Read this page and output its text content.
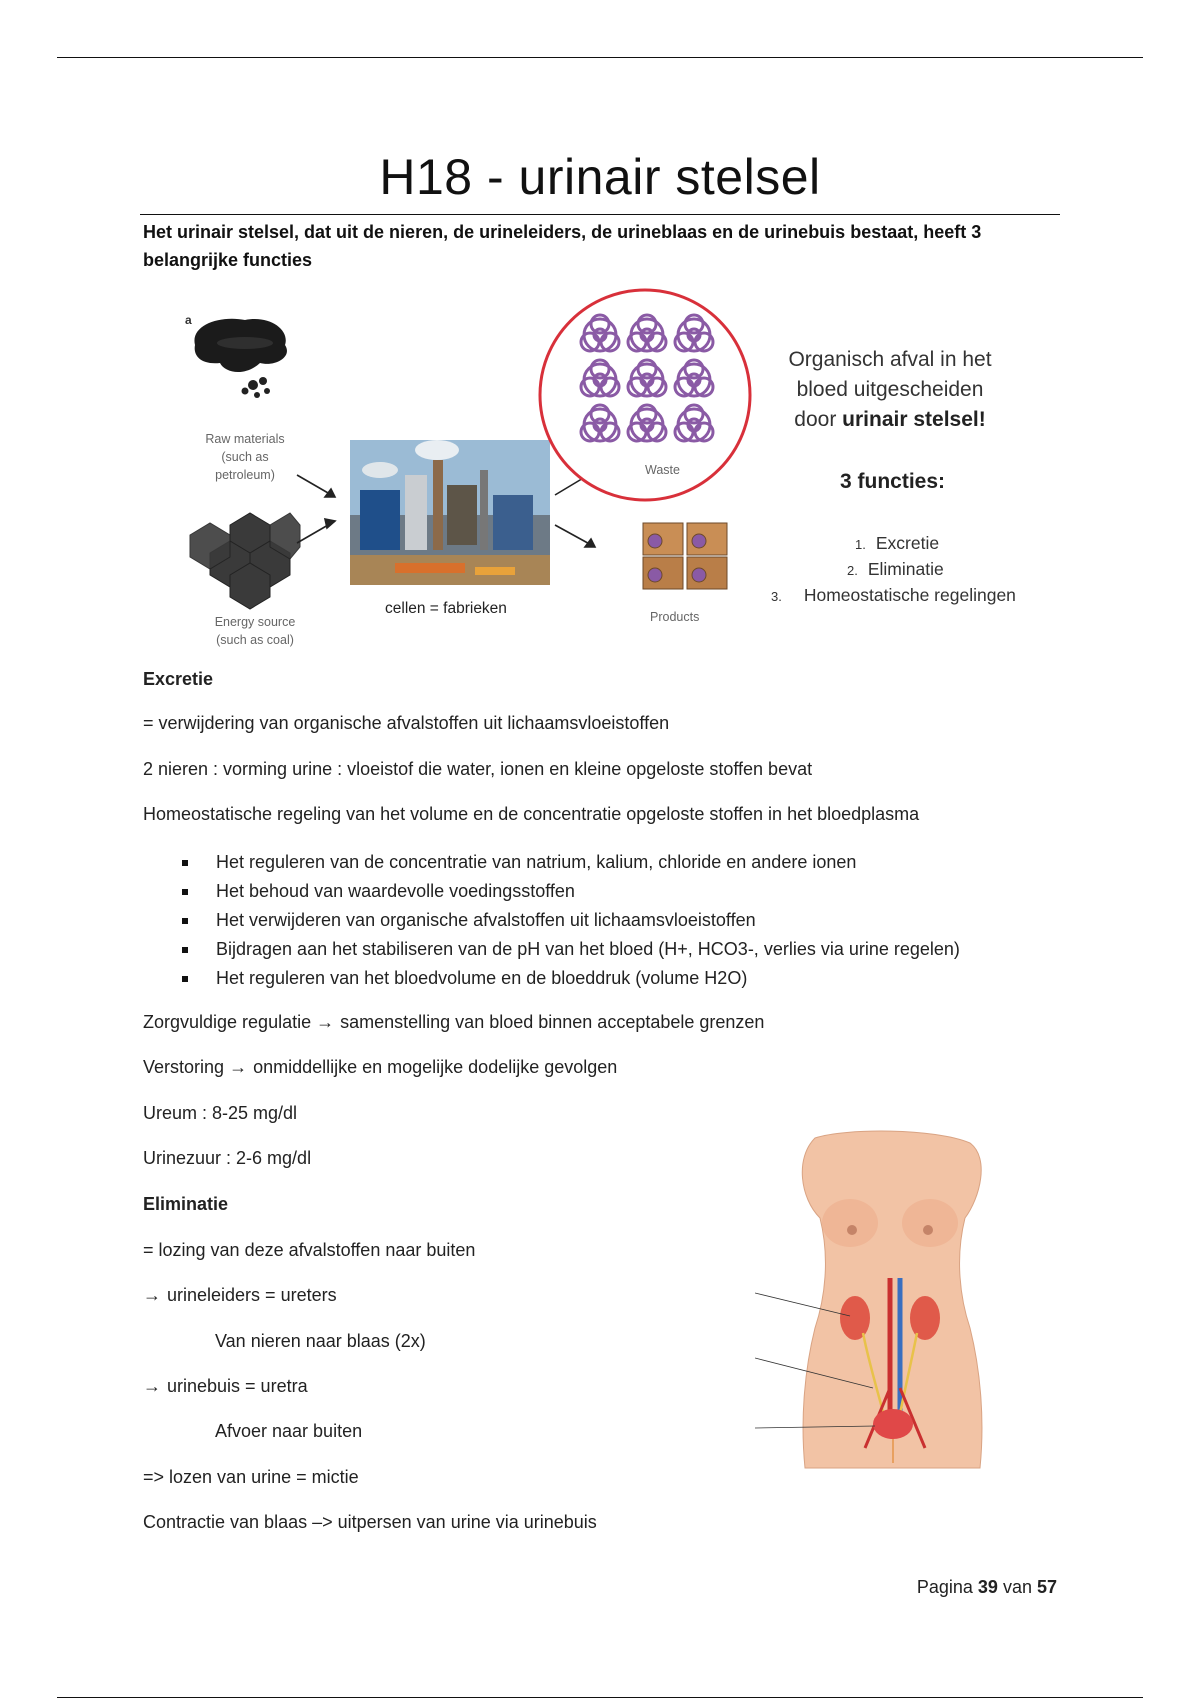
H18 - urinair stelsel
Het urinair stelsel, dat uit de nieren, de urineleiders, de urineblaas en de urinebuis bestaat, heeft 3 belangrijke functies
a
Raw materials
(such as
petroleum)
Energy source
(such as coal)
cellen = fabrieken
Waste
Products
Organisch afval in het
bloed uitgescheiden
door urinair stelsel!
3 functies:
1. Excretie
2. Eliminatie
3. Homeostatische regelingen
Excretie
= verwijdering van organische afvalstoffen uit lichaamsvloeistoffen
2 nieren : vorming urine : vloeistof die water, ionen en kleine opgeloste stoffen bevat
Homeostatische regeling van het volume en de concentratie opgeloste stoffen in het bloedplasma
Het reguleren van de concentratie van natrium, kalium, chloride en andere ionen
Het behoud van waardevolle voedingsstoffen
Het verwijderen van organische afvalstoffen uit lichaamsvloeistoffen
Bijdragen aan het stabiliseren van de pH van het bloed (H+, HCO3-, verlies via urine regelen)
Het reguleren van het bloedvolume en de bloeddruk (volume H2O)
Zorgvuldige regulatie → samenstelling van bloed binnen acceptabele grenzen
Verstoring → onmiddellijke en mogelijke dodelijke gevolgen
Ureum : 8-25 mg/dl
Urinezuur : 2-6 mg/dl
Eliminatie
= lozing van deze afvalstoffen naar buiten
→ urineleiders = ureters
Van nieren naar blaas (2x)
→ urinebuis = uretra
Afvoer naar buiten
=> lozen van urine = mictie
Contractie van blaas –> uitpersen van urine via urinebuis
Pagina 39 van 57
